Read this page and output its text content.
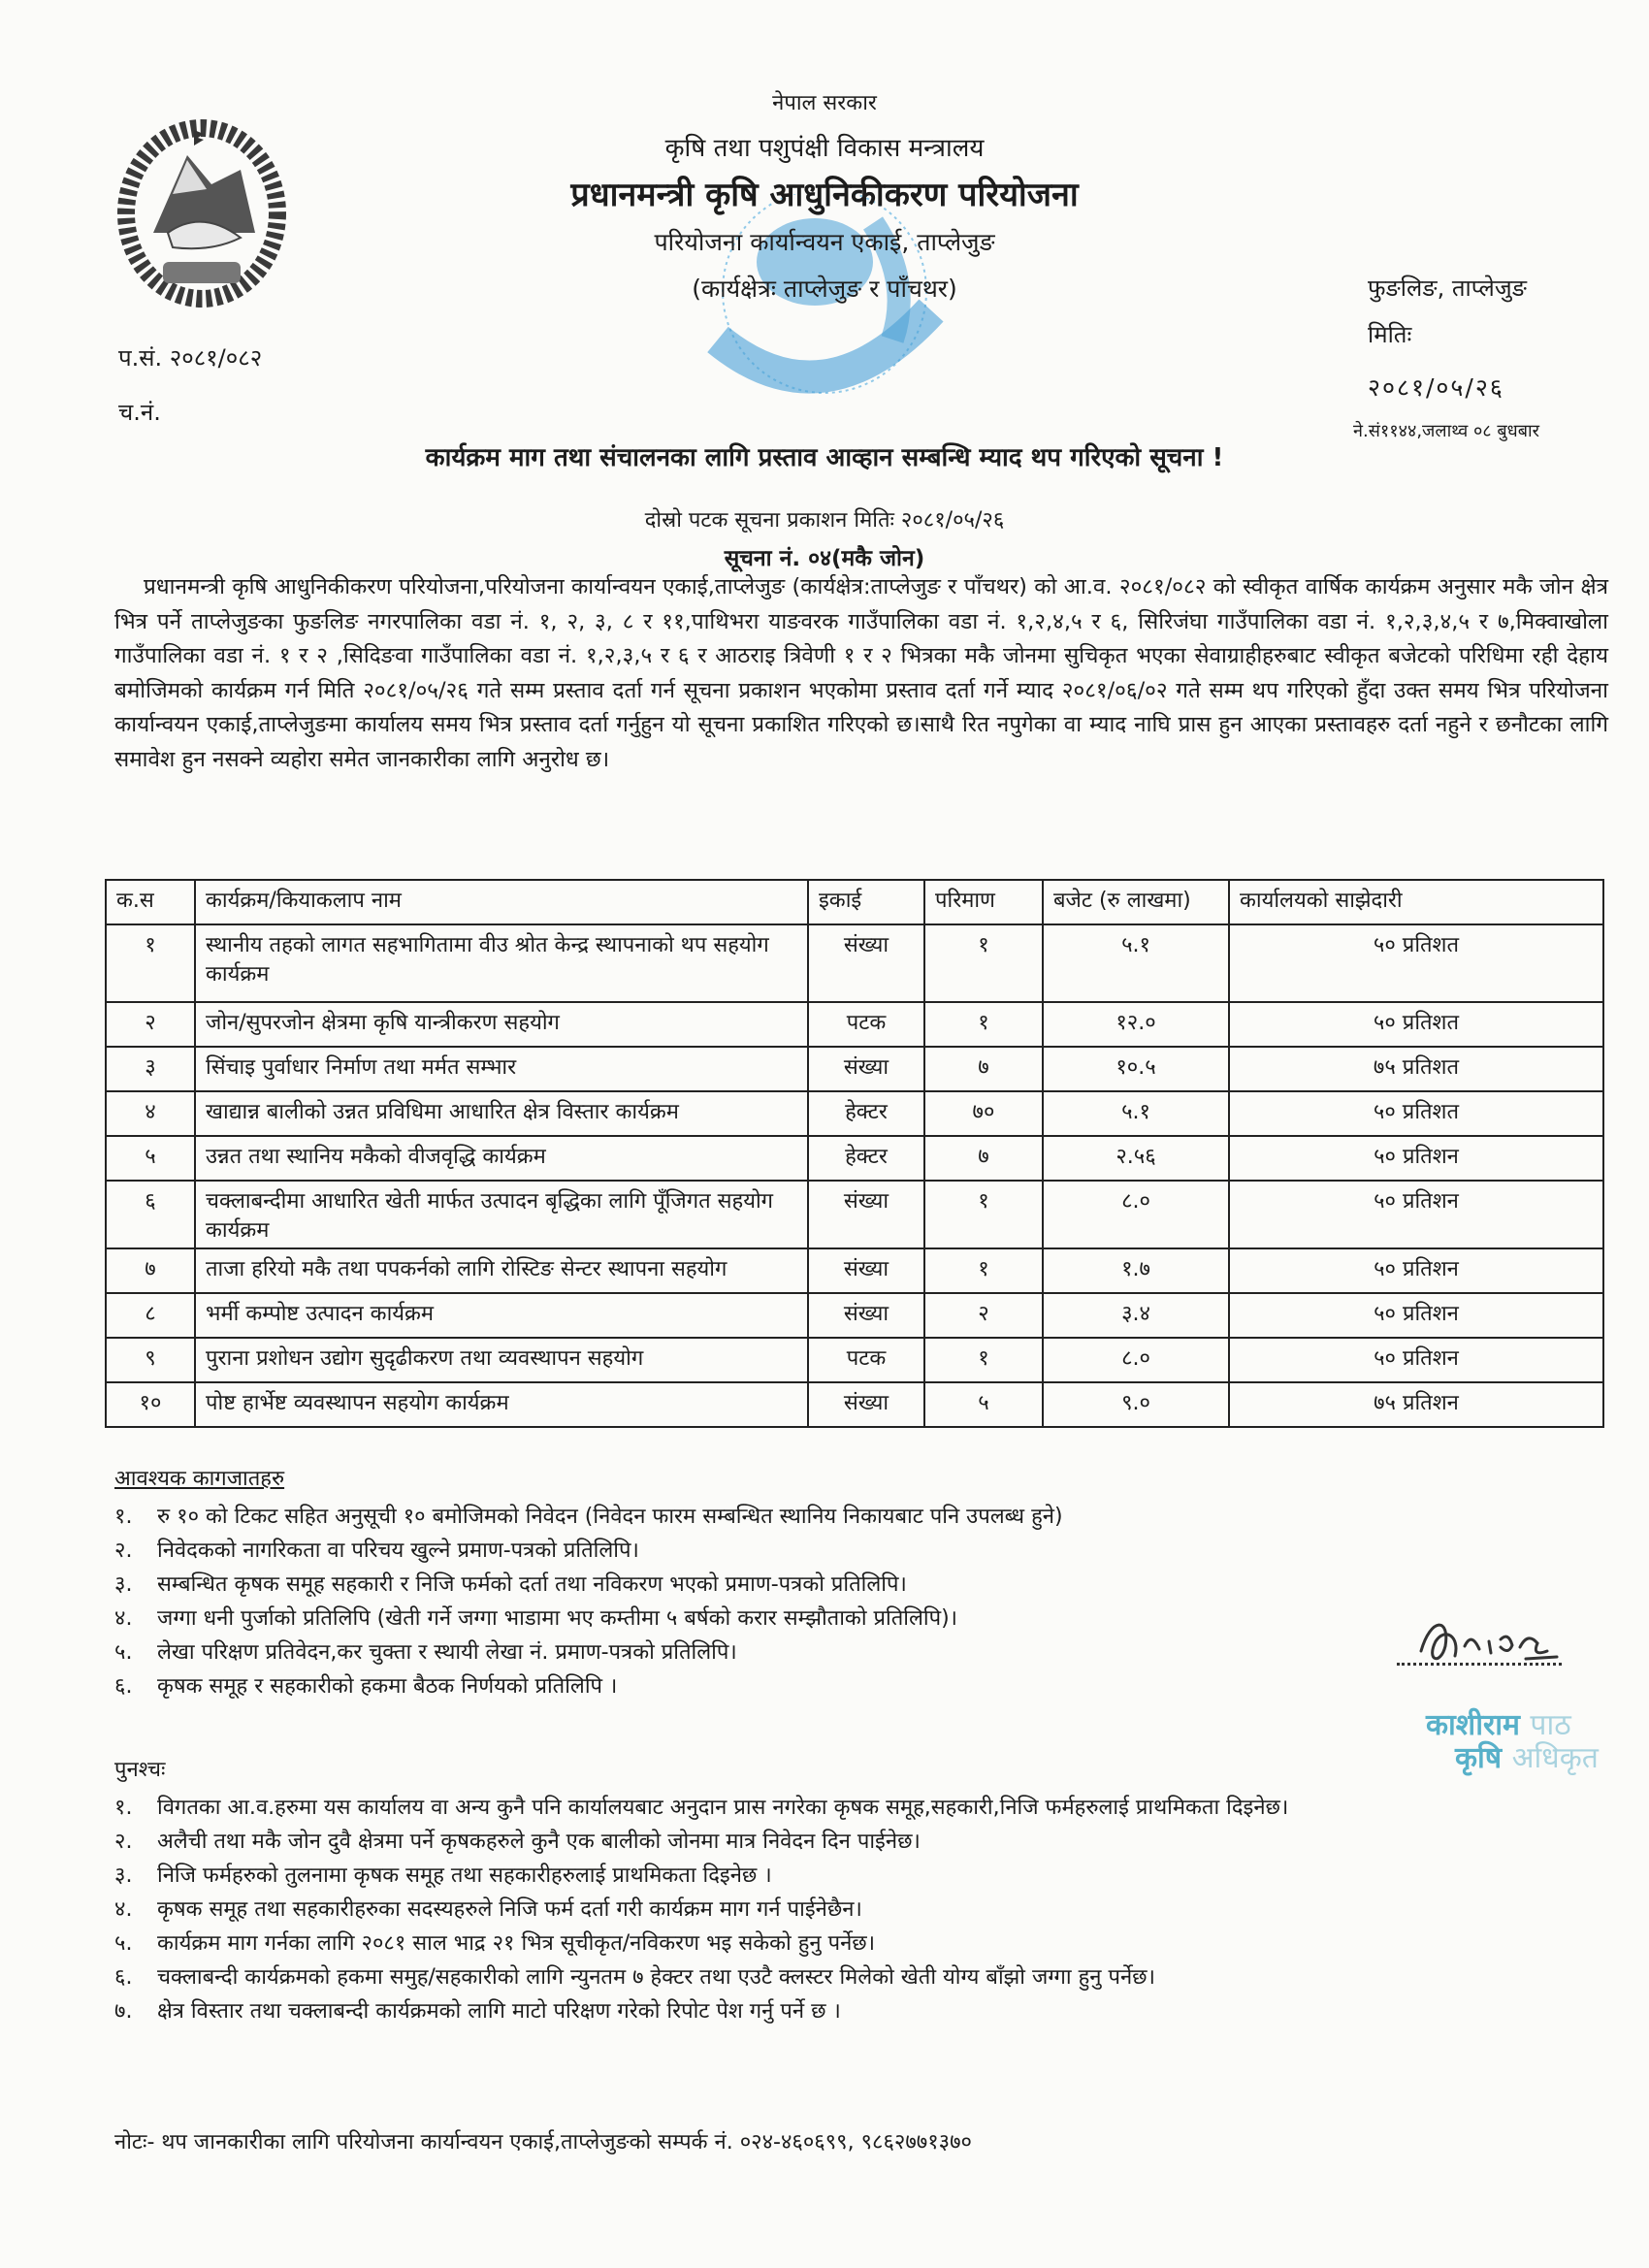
नेपाल सरकार
कृषि तथा पशुपंक्षी विकास मन्त्रालय
प्रधानमन्त्री कृषि आधुनिकीकरण परियोजना
परियोजना कार्यान्वयन एकाई, ताप्लेजुङ
(कार्यक्षेत्रः ताप्लेजुङ र पाँचथर)	फुङलिङ, ताप्लेजुङ
मितिः
२०८१/०५/२६
ने.सं११४४,जलाथ्व ०८ बुधबार
प.सं. २०८१/०८२
च.नं.
कार्यक्रम माग तथा संचालनका लागि प्रस्ताव आव्हान सम्बन्धि म्याद थप गरिएको सूचना !
दोस्रो पटक सूचना प्रकाशन मितिः २०८१/०५/२६
सूचना नं. ०४(मकै जोन)
प्रधानमन्त्री कृषि आधुनिकीकरण परियोजना,परियोजना कार्यान्वयन एकाई,ताप्लेजुङ (कार्यक्षेत्र:ताप्लेजुङ र पाँचथर) को आ.व. २०८१/०८२ को स्वीकृत वार्षिक कार्यक्रम अनुसार मकै जोन क्षेत्र भित्र पर्ने ताप्लेजुङका फुङलिङ नगरपालिका वडा नं. १, २, ३, ८ र ११,पाथिभरा याङवरक गाउँपालिका वडा नं. १,२,४,५ र ६, सिरिजंघा गाउँपालिका वडा नं. १,२,३,४,५ र ७,मिक्वाखोला गाउँपालिका वडा नं. १ र २ ,सिदिङवा गाउँपालिका वडा नं. १,२,३,५ र ६ र आठराइ त्रिवेणी १ र २ भित्रका मकै जोनमा सुचिकृत भएका सेवाग्राहीहरुबाट स्वीकृत बजेटको परिधिमा रही देहाय बमोजिमको कार्यक्रम गर्न मिति २०८१/०५/२६ गते सम्म प्रस्ताव दर्ता गर्न सूचना प्रकाशन भएकोमा प्रस्ताव दर्ता गर्ने म्याद २०८१/०६/०२ गते सम्म थप गरिएको हुँदा उक्त समय भित्र परियोजना कार्यान्वयन एकाई,ताप्लेजुङमा कार्यालय समय भित्र प्रस्ताव दर्ता गर्नुहुन यो सूचना प्रकाशित गरिएको छ।साथै रित नपुगेका वा म्याद नाघि प्रास हुन आएका प्रस्तावहरु दर्ता नहुने र छनौटका लागि समावेश हुन नसक्ने व्यहोरा समेत जानकारीका लागि अनुरोध छ।
क.स	कार्यक्रम/कियाकलाप नाम	इकाई	परिमाण	बजेट (रु लाखमा)	कार्यालयको साझेदारी
१	स्थानीय तहको लागत सहभागितामा वीउ श्रोत केन्द्र स्थापनाको थप सहयोग कार्यक्रम	संख्या	१	५.१	५० प्रतिशत
२	जोन/सुपरजोन क्षेत्रमा कृषि यान्त्रीकरण सहयोग	पटक	१	१२.०	५० प्रतिशत
३	सिंचाइ पुर्वाधार निर्माण तथा मर्मत सम्भार	संख्या	७	१०.५	७५ प्रतिशत
४	खाद्यान्न बालीको उन्नत प्रविधिमा आधारित क्षेत्र विस्तार कार्यक्रम	हेक्टर	७०	५.१	५० प्रतिशत
५	उन्नत तथा स्थानिय मकैको वीजवृद्धि कार्यक्रम	हेक्टर	७	२.५६	५० प्रतिशन
६	चक्लाबन्दीमा आधारित खेती मार्फत उत्पादन बृद्धिका लागि पूँजिगत सहयोग कार्यक्रम	संख्या	१	८.०	५० प्रतिशन
७	ताजा हरियो मकै तथा पपकर्नको लागि रोस्टिङ सेन्टर स्थापना सहयोग	संख्या	१	१.७	५० प्रतिशन
८	भर्मी कम्पोष्ट उत्पादन कार्यक्रम	संख्या	२	३.४	५० प्रतिशन
९	पुराना प्रशोधन उद्योग सुदृढीकरण तथा व्यवस्थापन सहयोग	पटक	१	८.०	५० प्रतिशन
१०	पोष्ट हार्भेष्ट व्यवस्थापन सहयोग कार्यक्रम	संख्या	५	९.०	७५ प्रतिशन
आवश्यक कागजातहरु
१. रु १० को टिकट सहित अनुसूची १० बमोजिमको निवेदन (निवेदन फारम सम्बन्धित स्थानिय निकायबाट पनि उपलब्ध हुने)
२. निवेदकको नागरिकता वा परिचय खुल्ने प्रमाण-पत्रको प्रतिलिपि।
३. सम्बन्धित कृषक समूह सहकारी र निजि फर्मको दर्ता तथा नविकरण भएको प्रमाण-पत्रको प्रतिलिपि।
४. जग्गा धनी पुर्जाको प्रतिलिपि (खेती गर्ने जग्गा भाडामा भए कम्तीमा ५ बर्षको करार सम्झौताको प्रतिलिपि)।
५. लेखा परिक्षण प्रतिवेदन,कर चुक्ता र स्थायी लेखा नं. प्रमाण-पत्रको प्रतिलिपि।
६. कृषक समूह र सहकारीको हकमा बैठक निर्णयको प्रतिलिपि ।
पुनश्चः
१. विगतका आ.व.हरुमा यस कार्यालय वा अन्य कुनै पनि कार्यालयबाट अनुदान प्रास नगरेका कृषक समूह,सहकारी,निजि फर्महरुलाई प्राथमिकता दिइनेछ।
२. अलैची तथा मकै जोन दुवै क्षेत्रमा पर्ने कृषकहरुले कुनै एक बालीको जोनमा मात्र निवेदन दिन पाईनेछ।
३. निजि फर्महरुको तुलनामा कृषक समूह तथा सहकारीहरुलाई प्राथमिकता दिइनेछ ।
४. कृषक समूह तथा सहकारीहरुका सदस्यहरुले निजि फर्म दर्ता गरी कार्यक्रम माग गर्न पाईनेछैन।
५. कार्यक्रम माग गर्नका लागि २०८१ साल भाद्र २१ भित्र सूचीकृत/नविकरण भइ सकेको हुनु पर्नेछ।
६. चक्लाबन्दी कार्यक्रमको हकमा समुह/सहकारीको लागि न्युनतम ७ हेक्टर तथा एउटै क्लस्टर मिलेको खेती योग्य बाँझो जग्गा हुनु पर्नेछ।
७. क्षेत्र विस्तार तथा चक्लाबन्दी कार्यक्रमको लागि माटो परिक्षण गरेको रिपोट पेश गर्नु पर्ने छ ।
नोटः- थप जानकारीका लागि परियोजना कार्यान्वयन एकाई,ताप्लेजुङको सम्पर्क नं. ०२४-४६०६९९, ९८६२७७१३७०
काशीराम पाठ
कृषि अधिकृत
